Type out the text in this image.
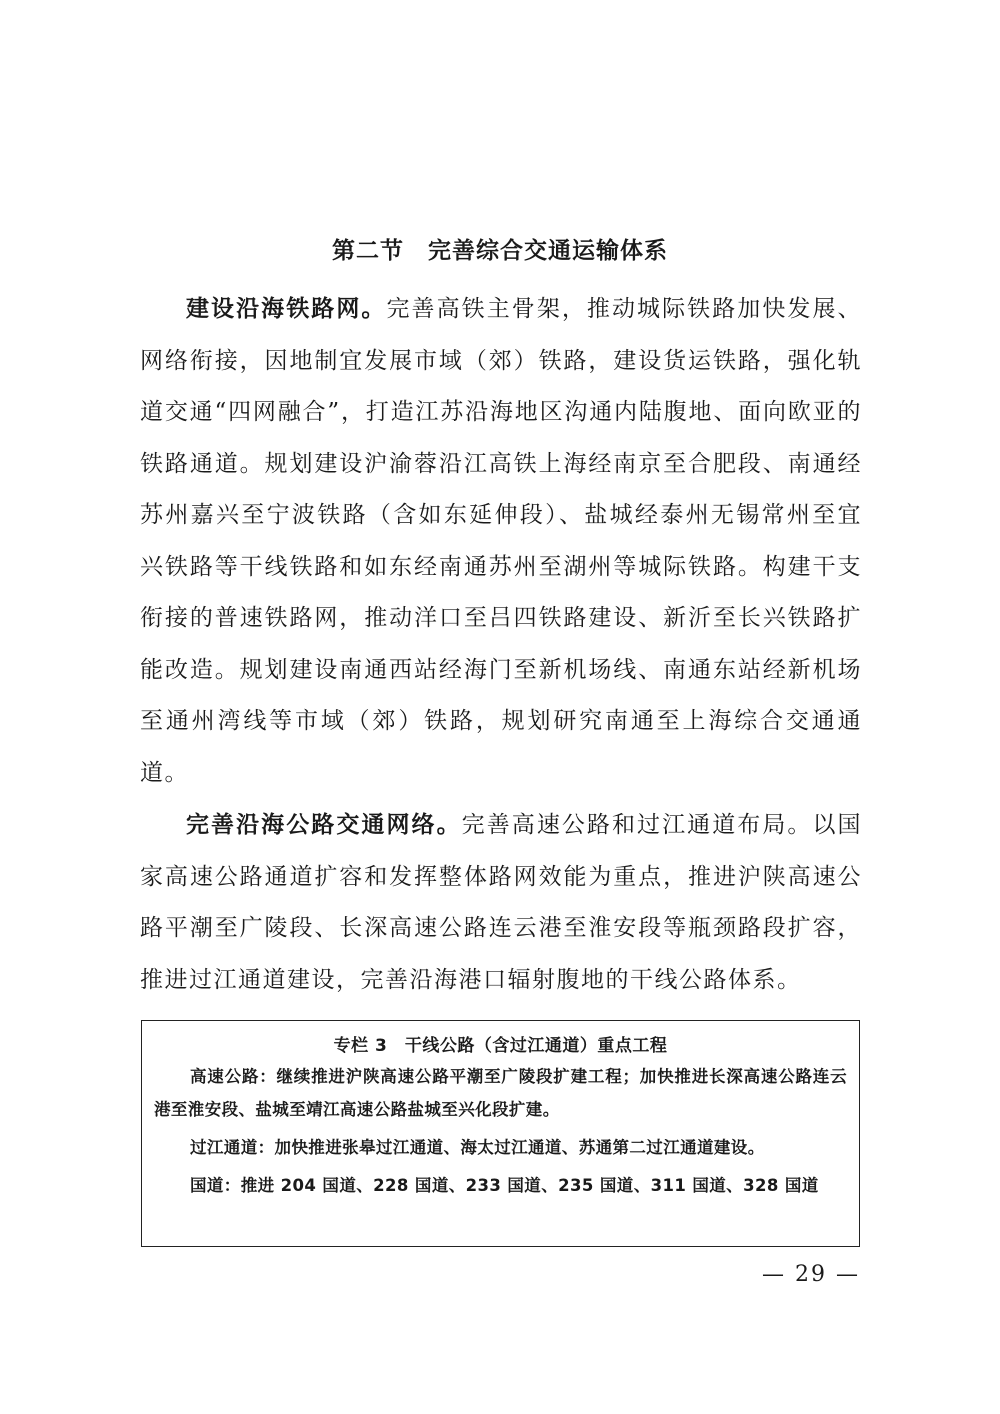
第二节　完善综合交通运输体系

建设沿海铁路网。完善高铁主骨架，推动城际铁路加快发展、网络衔接，因地制宜发展市域（郊）铁路，建设货运铁路，强化轨道交通“四网融合”，打造江苏沿海地区沟通内陆腹地、面向欧亚的铁路通道。规划建设沪渝蓉沿江高铁上海经南京至合肥段、南通经苏州嘉兴至宁波铁路（含如东延伸段）、盐城经泰州无锡常州至宜兴铁路等干线铁路和如东经南通苏州至湖州等城际铁路。构建干支衔接的普速铁路网，推动洋口至吕四铁路建设、新沂至长兴铁路扩能改造。规划建设南通西站经海门至新机场线、南通东站经新机场至通州湾线等市域（郊）铁路，规划研究南通至上海综合交通通道。

完善沿海公路交通网络。完善高速公路和过江通道布局。以国家高速公路通道扩容和发挥整体路网效能为重点，推进沪陕高速公路平潮至广陵段、长深高速公路连云港至淮安段等瓶颈路段扩容，推进过江通道建设，完善沿海港口辐射腹地的干线公路体系。

专栏 3　干线公路（含过江通道）重点工程

高速公路：继续推进沪陕高速公路平潮至广陵段扩建工程；加快推进长深高速公路连云港至淮安段、盐城至靖江高速公路盐城至兴化段扩建。

过江通道：加快推进张皋过江通道、海太过江通道、苏通第二过江通道建设。

国道：推进 204 国道、228 国道、233 国道、235 国道、311 国道、328 国道

— 29 —
